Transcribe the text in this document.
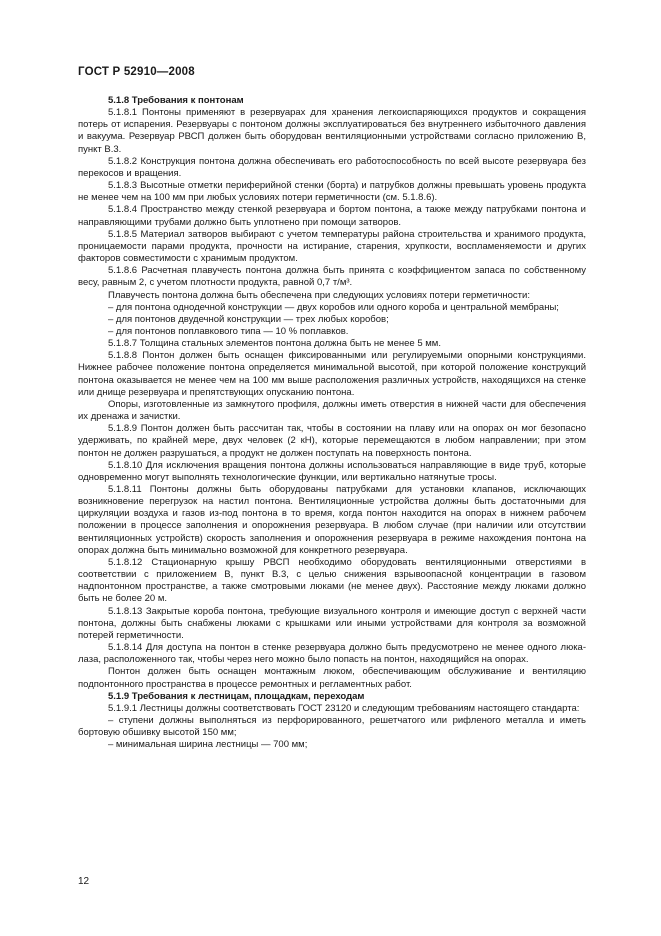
ГОСТ Р 52910—2008

5.1.8 Требования к понтонам

5.1.8.1 Понтоны применяют в резервуарах для хранения легкоиспаряющихся продуктов и сокращения потерь от испарения. Резервуары с понтоном должны эксплуатироваться без внутреннего избыточного давления и вакуума. Резервуар РВСП должен быть оборудован вентиляционными устройствами согласно приложению В, пункт В.3.

5.1.8.2 Конструкция понтона должна обеспечивать его работоспособность по всей высоте резервуара без перекосов и вращения.

5.1.8.3 Высотные отметки периферийной стенки (борта) и патрубков должны превышать уровень продукта не менее чем на 100 мм при любых условиях потери герметичности (см. 5.1.8.6).

5.1.8.4 Пространство между стенкой резервуара и бортом понтона, а также между патрубками понтона и направляющими трубами должно быть уплотнено при помощи затворов.

5.1.8.5 Материал затворов выбирают с учетом температуры района строительства и хранимого продукта, проницаемости парами продукта, прочности на истирание, старения, хрупкости, воспламеняемости и других факторов совместимости с хранимым продуктом.

5.1.8.6 Расчетная плавучесть понтона должна быть принята с коэффициентом запаса по собственному весу, равным 2, с учетом плотности продукта, равной 0,7 т/м³.

Плавучесть понтона должна быть обеспечена при следующих условиях потери герметичности:

– для понтона однодечной конструкции — двух коробов или одного короба и центральной мембраны;

– для понтонов двудечной конструкции — трех любых коробов;

– для понтонов поплавкового типа — 10 % поплавков.

5.1.8.7 Толщина стальных элементов понтона должна быть не менее 5 мм.

5.1.8.8 Понтон должен быть оснащен фиксированными или регулируемыми опорными конструкциями. Нижнее рабочее положение понтона определяется минимальной высотой, при которой положение конструкций понтона оказывается не менее чем на 100 мм выше расположения различных устройств, находящихся на стенке или днище резервуара и препятствующих опусканию понтона.

Опоры, изготовленные из замкнутого профиля, должны иметь отверстия в нижней части для обеспечения их дренажа и зачистки.

5.1.8.9 Понтон должен быть рассчитан так, чтобы в состоянии на плаву или на опорах он мог безопасно удерживать, по крайней мере, двух человек (2 кН), которые перемещаются в любом направлении; при этом понтон не должен разрушаться, а продукт не должен поступать на поверхность понтона.

5.1.8.10 Для исключения вращения понтона должны использоваться направляющие в виде труб, которые одновременно могут выполнять технологические функции, или вертикально натянутые тросы.

5.1.8.11 Понтоны должны быть оборудованы патрубками для установки клапанов, исключающих возникновение перегрузок на настил понтона. Вентиляционные устройства должны быть достаточными для циркуляции воздуха и газов из-под понтона в то время, когда понтон находится на опорах в нижнем рабочем положении в процессе заполнения и опорожнения резервуара. В любом случае (при наличии или отсутствии вентиляционных устройств) скорость заполнения и опорожнения резервуара в режиме нахождения понтона на опорах должна быть минимально возможной для конкретного резервуара.

5.1.8.12 Стационарную крышу РВСП необходимо оборудовать вентиляционными отверстиями в соответствии с приложением В, пункт В.3, с целью снижения взрывоопасной концентрации в газовом надпонтонном пространстве, а также смотровыми люками (не менее двух). Расстояние между люками должно быть не более 20 м.

5.1.8.13 Закрытые короба понтона, требующие визуального контроля и имеющие доступ с верхней части понтона, должны быть снабжены люками с крышками или иными устройствами для контроля за возможной потерей герметичности.

5.1.8.14 Для доступа на понтон в стенке резервуара должно быть предусмотрено не менее одного люка-лаза, расположенного так, чтобы через него можно было попасть на понтон, находящийся на опорах.

Понтон должен быть оснащен монтажным люком, обеспечивающим обслуживание и вентиляцию подпонтонного пространства в процессе ремонтных и регламентных работ.

5.1.9 Требования к лестницам, площадкам, переходам

5.1.9.1 Лестницы должны соответствовать ГОСТ 23120 и следующим требованиям настоящего стандарта:

– ступени должны выполняться из перфорированного, решетчатого или рифленого металла и иметь бортовую обшивку высотой 150 мм;

– минимальная ширина лестницы — 700 мм;

12
